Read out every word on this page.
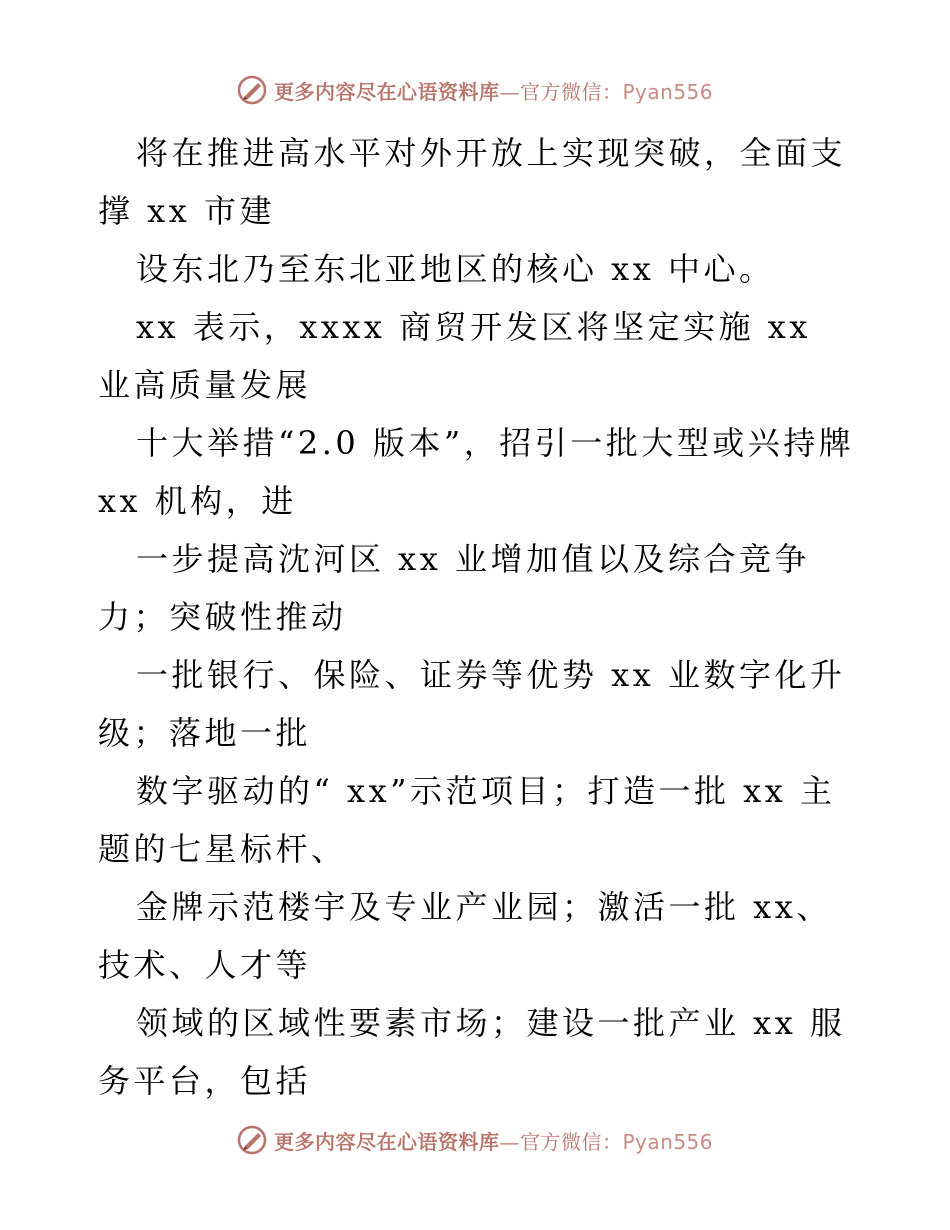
更多内容尽在心语资料库—官方微信：Pyan556

将在推进高水平对外开放上实现突破，全面支撑 xx 市建

设东北乃至东北亚地区的核心 xx 中心。

xx 表示，xxxx 商贸开发区将坚定实施 xx 业高质量发展

十大举措“2.0 版本”，招引一批大型或兴持牌 xx 机构，进

一步提高沈河区 xx 业增加值以及综合竞争力；突破性推动

一批银行、保险、证券等优势 xx 业数字化升级；落地一批

数字驱动的“ xx”示范项目；打造一批 xx 主题的七星标杆、

金牌示范楼宇及专业产业园；激活一批 xx、技术、人才等

领域的区域性要素市场；建设一批产业 xx 服务平台，包括

更多内容尽在心语资料库—官方微信：Pyan556
